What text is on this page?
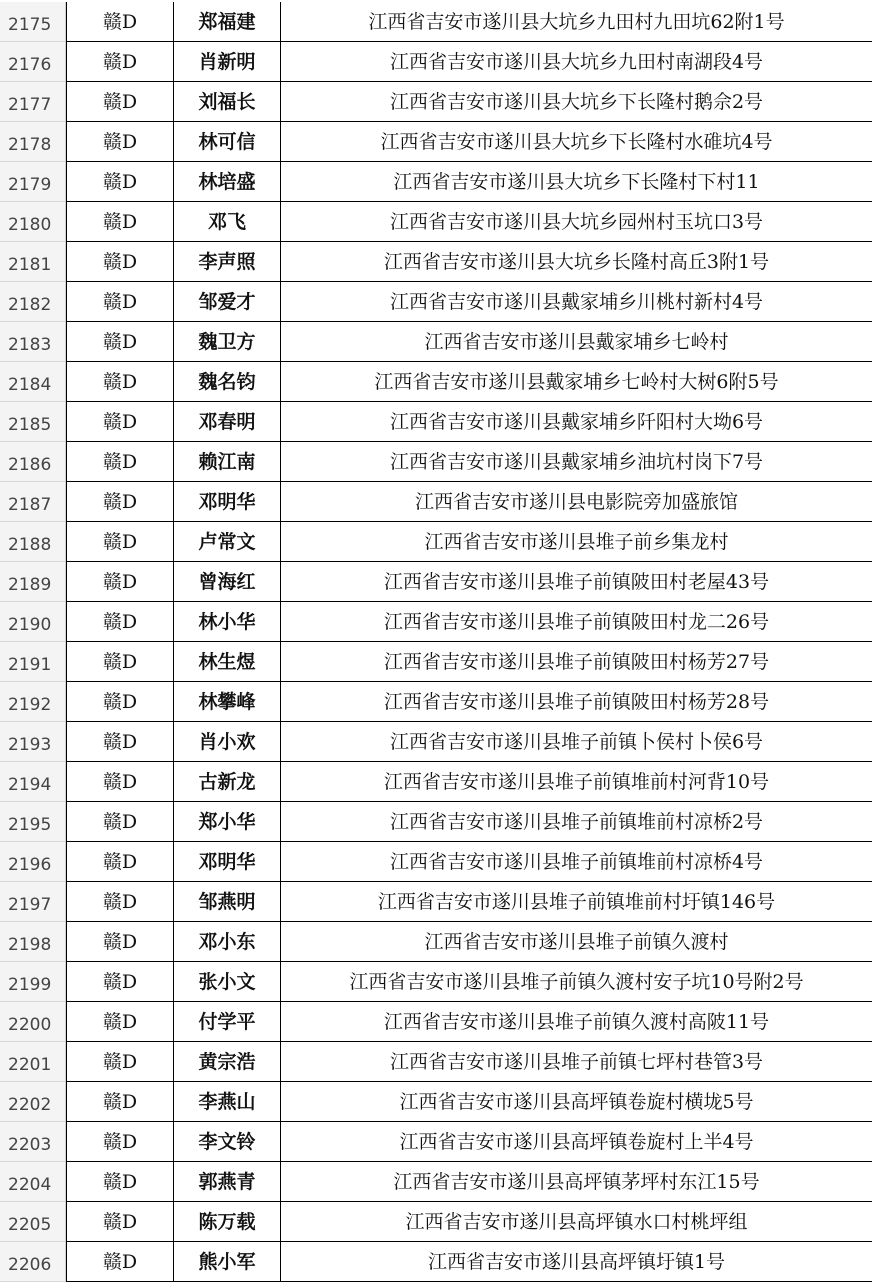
2175	赣D	郑福建	江西省吉安市遂川县大坑乡九田村九田坑62附1号
2176	赣D	肖新明	江西省吉安市遂川县大坑乡九田村南湖段4号
2177	赣D	刘福长	江西省吉安市遂川县大坑乡下长隆村鹅佘2号
2178	赣D	林可信	江西省吉安市遂川县大坑乡下长隆村水碓坑4号
2179	赣D	林培盛	江西省吉安市遂川县大坑乡下长隆村下村11
2180	赣D	邓飞	江西省吉安市遂川县大坑乡园州村玉坑口3号
2181	赣D	李声照	江西省吉安市遂川县大坑乡长隆村高丘3附1号
2182	赣D	邹爱才	江西省吉安市遂川县戴家埔乡川桃村新村4号
2183	赣D	魏卫方	江西省吉安市遂川县戴家埔乡七岭村
2184	赣D	魏名钧	江西省吉安市遂川县戴家埔乡七岭村大树6附5号
2185	赣D	邓春明	江西省吉安市遂川县戴家埔乡阡阳村大坳6号
2186	赣D	赖江南	江西省吉安市遂川县戴家埔乡油坑村岗下7号
2187	赣D	邓明华	江西省吉安市遂川县电影院旁加盛旅馆
2188	赣D	卢常文	江西省吉安市遂川县堆子前乡集龙村
2189	赣D	曾海红	江西省吉安市遂川县堆子前镇陂田村老屋43号
2190	赣D	林小华	江西省吉安市遂川县堆子前镇陂田村龙二26号
2191	赣D	林生煜	江西省吉安市遂川县堆子前镇陂田村杨芳27号
2192	赣D	林攀峰	江西省吉安市遂川县堆子前镇陂田村杨芳28号
2193	赣D	肖小欢	江西省吉安市遂川县堆子前镇卜侯村卜侯6号
2194	赣D	古新龙	江西省吉安市遂川县堆子前镇堆前村河背10号
2195	赣D	郑小华	江西省吉安市遂川县堆子前镇堆前村凉桥2号
2196	赣D	邓明华	江西省吉安市遂川县堆子前镇堆前村凉桥4号
2197	赣D	邹燕明	江西省吉安市遂川县堆子前镇堆前村圩镇146号
2198	赣D	邓小东	江西省吉安市遂川县堆子前镇久渡村
2199	赣D	张小文	江西省吉安市遂川县堆子前镇久渡村安子坑10号附2号
2200	赣D	付学平	江西省吉安市遂川县堆子前镇久渡村高陂11号
2201	赣D	黄宗浩	江西省吉安市遂川县堆子前镇七坪村巷管3号
2202	赣D	李燕山	江西省吉安市遂川县高坪镇卷旋村横垅5号
2203	赣D	李文铃	江西省吉安市遂川县高坪镇卷旋村上半4号
2204	赣D	郭燕青	江西省吉安市遂川县高坪镇茅坪村东江15号
2205	赣D	陈万载	江西省吉安市遂川县高坪镇水口村桃坪组
2206	赣D	熊小军	江西省吉安市遂川县高坪镇圩镇1号
